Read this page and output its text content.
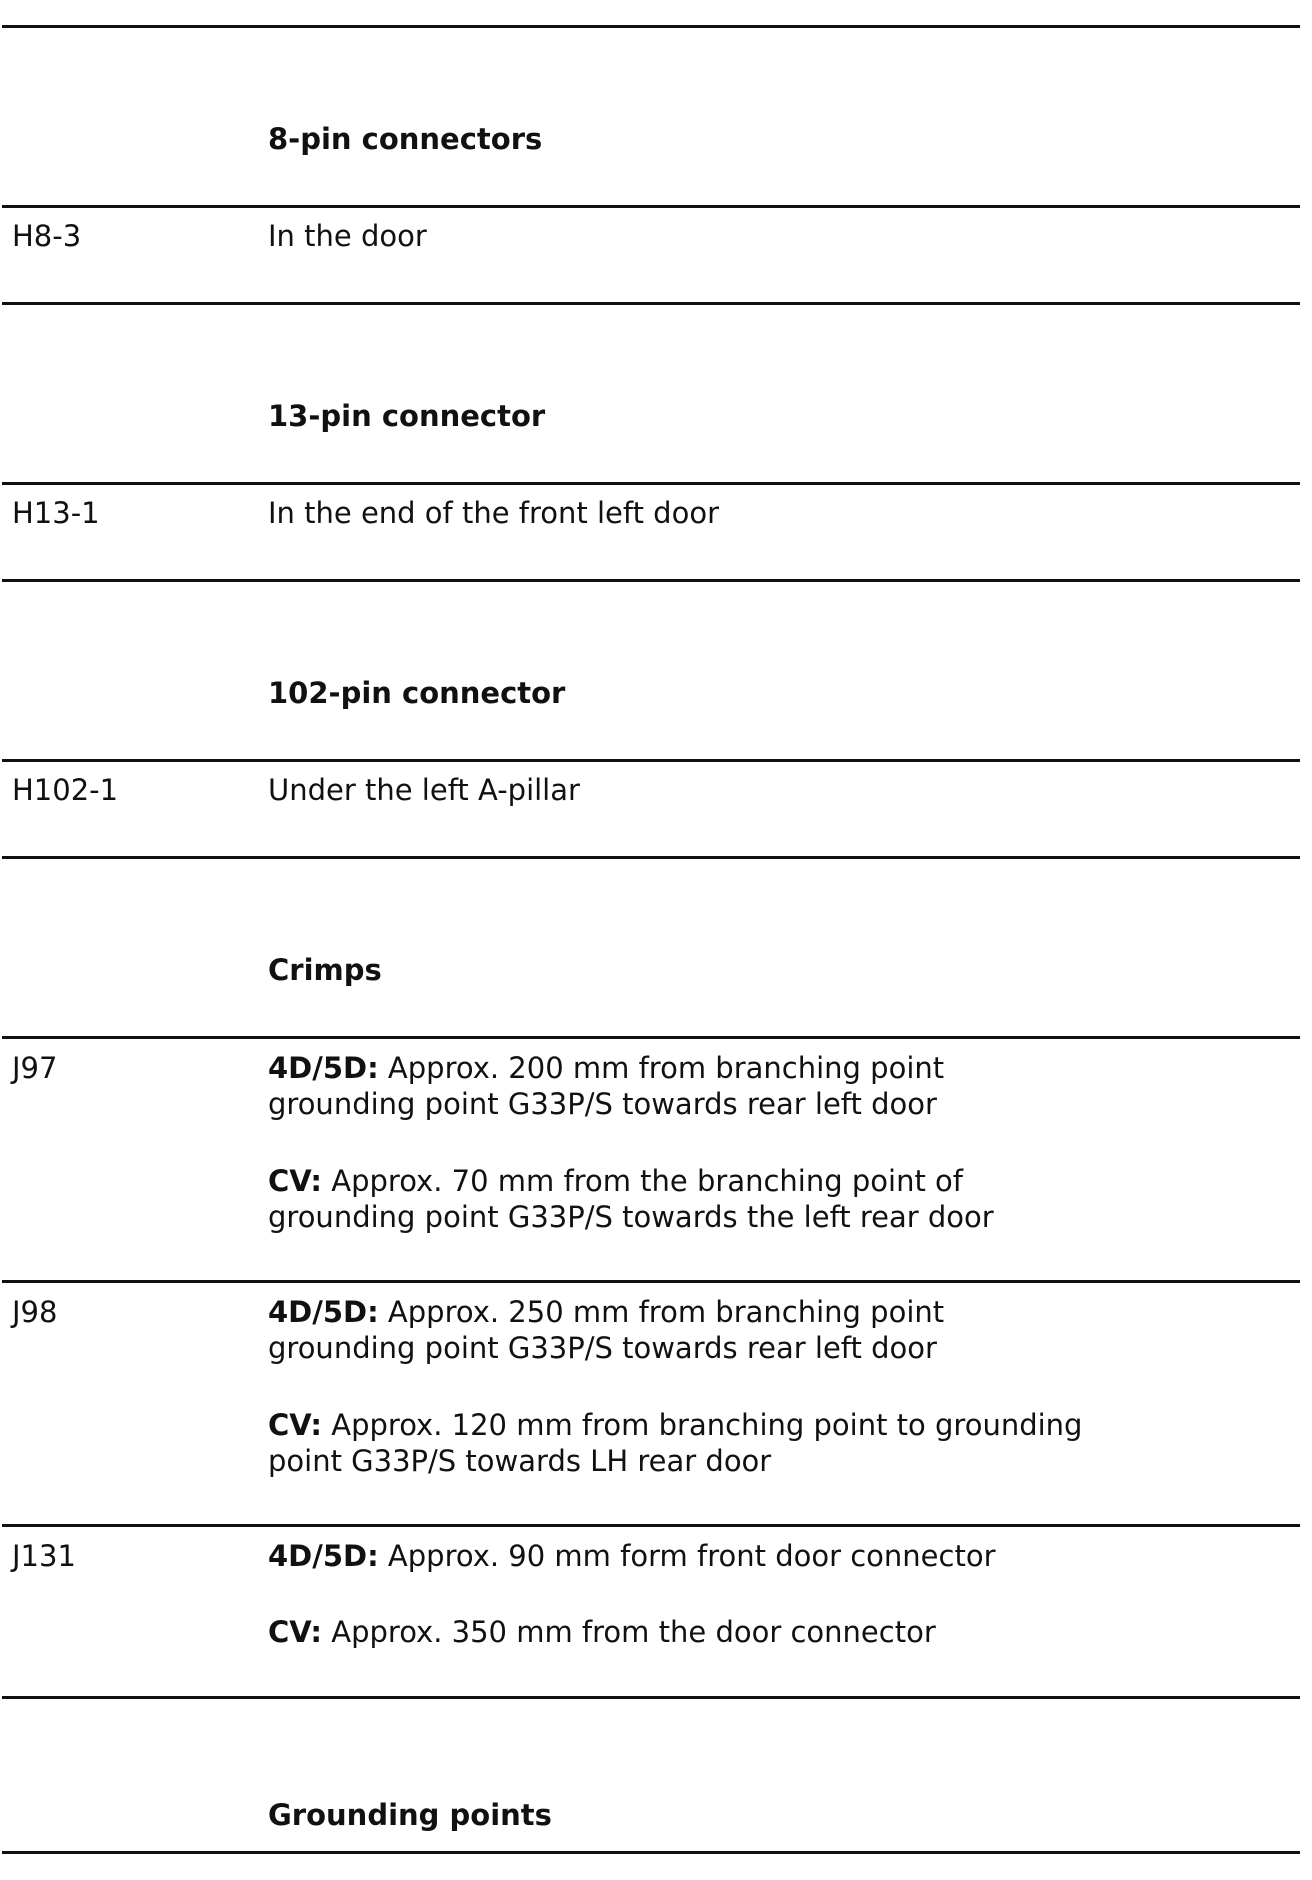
8-pin connectors
H8-3	In the door
13-pin connector
H13-1	In the end of the front left door
102-pin connector
H102-1	Under the left A-pillar
Crimps
J97	4D/5D: Approx. 200 mm from branching point
grounding point G33P/S towards rear left door
CV: Approx. 70 mm from the branching point of
grounding point G33P/S towards the left rear door
J98	4D/5D: Approx. 250 mm from branching point
grounding point G33P/S towards rear left door
CV: Approx. 120 mm from branching point to grounding
point G33P/S towards LH rear door
J131	4D/5D: Approx. 90 mm form front door connector
CV: Approx. 350 mm from the door connector
Grounding points
